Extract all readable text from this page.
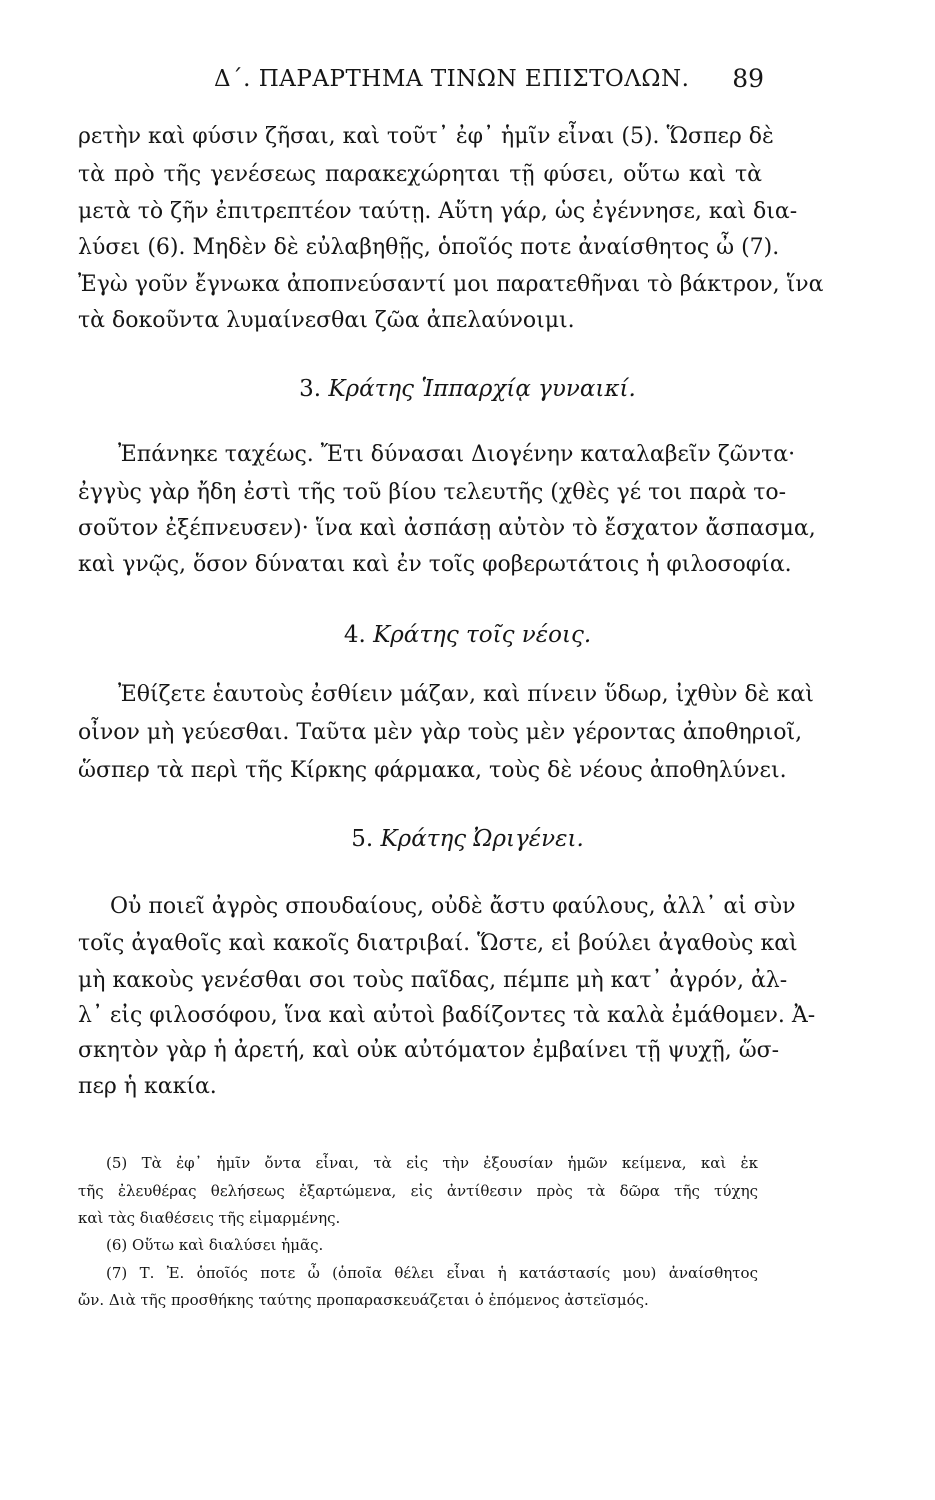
Δ΄. ΠΑΡΑΡΤΗΜΑ ΤΙΝΩΝ ΕΠΙΣΤΟΛΩΝ. 89
ρετὴν καὶ φύσιν ζῆσαι, καὶ τοῦτ᾽ ἐφ᾽ ἡμῖν εἶναι (5). Ὥσπερ δὲ
τὰ πρὸ τῆς γενέσεως παρακεχώρηται τῇ φύσει, οὕτω καὶ τὰ
μετὰ τὸ ζῆν ἐπιτρεπτέον ταύτῃ. Αὕτη γάρ, ὡς ἐγέννησε, καὶ δια-
λύσει (6). Μηδὲν δὲ εὐλαβηθῇς, ὁποῖός ποτε ἀναίσθητος ὦ (7).
Ἐγὼ γοῦν ἔγνωκα ἀποπνεύσαντί μοι παρατεθῆναι τὸ βάκτρον, ἵνα
τὰ δοκοῦντα λυμαίνεσθαι ζῶα ἀπελαύνοιμι.
3. Κράτης Ἱππαρχίᾳ γυναικί.
Ἐπάνηκε ταχέως. Ἔτι δύνασαι Διογένην καταλαβεῖν ζῶντα·
ἐγγὺς γὰρ ἤδη ἐστὶ τῆς τοῦ βίου τελευτῆς (χθὲς γέ τοι παρὰ το-
σοῦτον ἐξέπνευσεν)· ἵνα καὶ ἀσπάσῃ αὐτὸν τὸ ἔσχατον ἄσπασμα,
καὶ γνῷς, ὅσον δύναται καὶ ἐν τοῖς φοβερωτάτοις ἡ φιλοσοφία.
4. Κράτης τοῖς νέοις.
Ἐθίζετε ἑαυτοὺς ἐσθίειν μάζαν, καὶ πίνειν ὕδωρ, ἰχθὺν δὲ καὶ
οἶνον μὴ γεύεσθαι. Ταῦτα μὲν γὰρ τοὺς μὲν γέροντας ἀποθηριοῖ,
ὥσπερ τὰ περὶ τῆς Κίρκης φάρμακα, τοὺς δὲ νέους ἀποθηλύνει.
5. Κράτης Ὠριγένει.
Οὐ ποιεῖ ἀγρὸς σπουδαίους, οὐδὲ ἄστυ φαύλους, ἀλλ᾽ αἱ σὺν
τοῖς ἀγαθοῖς καὶ κακοῖς διατριβαί. Ὥστε, εἰ βούλει ἀγαθοὺς καὶ
μὴ κακοὺς γενέσθαι σοι τοὺς παῖδας, πέμπε μὴ κατ᾽ ἀγρόν, ἀλ-
λ᾽ εἰς φιλοσόφου, ἵνα καὶ αὐτοὶ βαδίζοντες τὰ καλὰ ἐμάθομεν. Ἀ-
σκητὸν γὰρ ἡ ἀρετή, καὶ οὐκ αὐτόματον ἐμβαίνει τῇ ψυχῇ, ὥσ-
περ ἡ κακία.
(5) Τὰ ἐφ᾽ ἡμῖν ὄντα εἶναι, τὰ εἰς τὴν ἐξουσίαν ἡμῶν κείμενα, καὶ ἐκ
τῆς ἐλευθέρας θελήσεως ἐξαρτώμενα, εἰς ἀντίθεσιν πρὸς τὰ δῶρα τῆς τύχης
καὶ τὰς διαθέσεις τῆς εἱμαρμένης.
(6) Οὕτω καὶ διαλύσει ἡμᾶς.
(7) Τ. Ἐ. ὁποῖός ποτε ὦ (ὁποῖα θέλει εἶναι ἡ κατάστασίς μου) ἀναίσθητος
ὤν. Διὰ τῆς προσθήκης ταύτης προπαρασκευάζεται ὁ ἑπόμενος ἀστεϊσμός.
